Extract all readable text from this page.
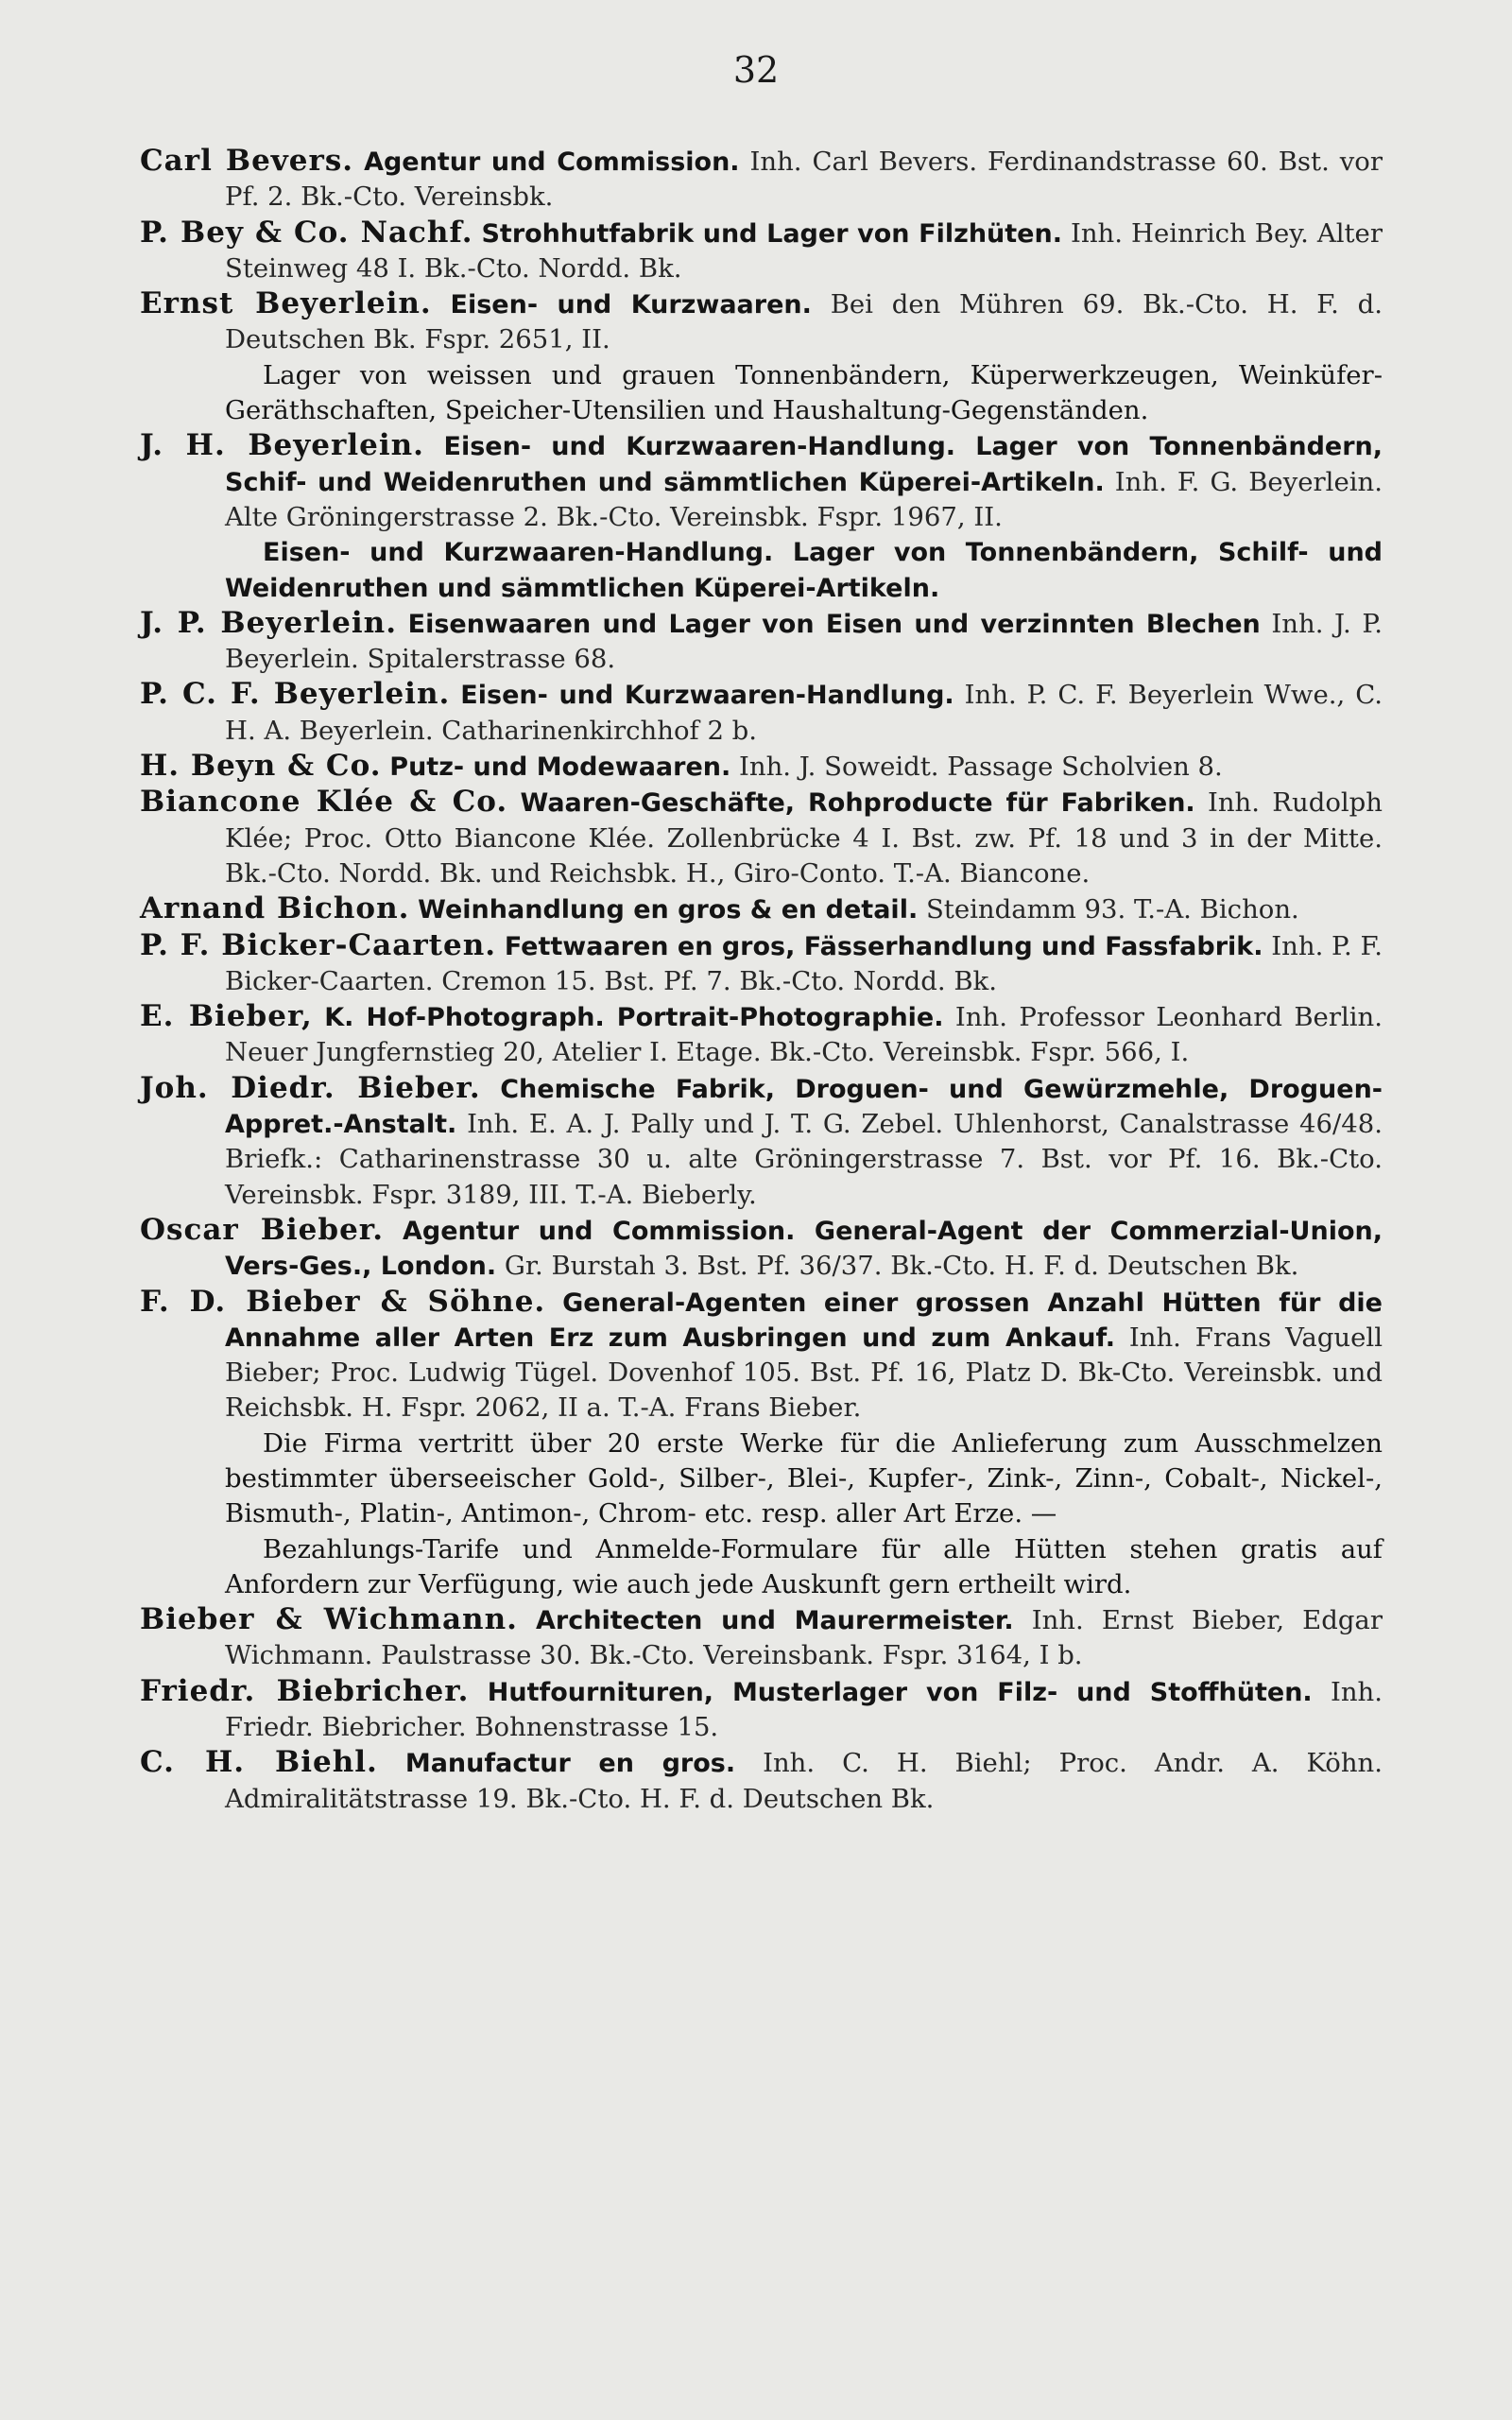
32

Carl Bevers. Agentur und Commission. Inh. Carl Bevers. Ferdinandstrasse 60. Bst. vor Pf. 2. Bk.-Cto. Vereinsbk.

P. Bey & Co. Nachf. Strohhutfabrik und Lager von Filzhüten. Inh. Heinrich Bey. Alter Steinweg 48 I. Bk.-Cto. Nordd. Bk.

Ernst Beyerlein. Eisen- und Kurzwaaren. Bei den Mühren 69. Bk.-Cto. H. F. d. Deutschen Bk. Fspr. 2651, II.

Lager von weissen und grauen Tonnenbändern, Küperwerkzeugen, Weinküfer-Geräthschaften, Speicher-Utensilien und Haushaltung-Gegenständen.

J. H. Beyerlein. Eisen- und Kurzwaaren-Handlung. Lager von Tonnenbändern, Schif- und Weidenruthen und sämmtlichen Küperei-Artikeln. Inh. F. G. Beyerlein. Alte Gröningerstrasse 2. Bk.-Cto. Vereinsbk. Fspr. 1967, II.

Eisen- und Kurzwaaren-Handlung. Lager von Tonnenbändern, Schilf- und Weidenruthen und sämmtlichen Küperei-Artikeln.

J. P. Beyerlein. Eisenwaaren und Lager von Eisen und verzinnten Blechen Inh. J. P. Beyerlein. Spitalerstrasse 68.

P. C. F. Beyerlein. Eisen- und Kurzwaaren-Handlung. Inh. P. C. F. Beyerlein Wwe., C. H. A. Beyerlein. Catharinenkirchhof 2 b.

H. Beyn & Co. Putz- und Modewaaren. Inh. J. Soweidt. Passage Scholvien 8.

Biancone Klée & Co. Waaren-Geschäfte, Rohproducte für Fabriken. Inh. Rudolph Klée; Proc. Otto Biancone Klée. Zollenbrücke 4 I. Bst. zw. Pf. 18 und 3 in der Mitte. Bk.-Cto. Nordd. Bk. und Reichsbk. H., Giro-Conto. T.-A. Biancone.

Arnand Bichon. Weinhandlung en gros & en detail. Steindamm 93. T.-A. Bichon.

P. F. Bicker-Caarten. Fettwaaren en gros, Fässerhandlung und Fassfabrik. Inh. P. F. Bicker-Caarten. Cremon 15. Bst. Pf. 7. Bk.-Cto. Nordd. Bk.

E. Bieber, K. Hof-Photograph. Portrait-Photographie. Inh. Professor Leonhard Berlin. Neuer Jungfernstieg 20, Atelier I. Etage. Bk.-Cto. Vereinsbk. Fspr. 566, I.

Joh. Diedr. Bieber. Chemische Fabrik, Droguen- und Gewürzmehle, Droguen-Appret.-Anstalt. Inh. E. A. J. Pally und J. T. G. Zebel. Uhlenhorst, Canalstrasse 46/48. Briefk.: Catharinenstrasse 30 u. alte Gröningerstrasse 7. Bst. vor Pf. 16. Bk.-Cto. Vereinsbk. Fspr. 3189, III. T.-A. Bieberly.

Oscar Bieber. Agentur und Commission. General-Agent der Commerzial-Union, Vers-Ges., London. Gr. Burstah 3. Bst. Pf. 36/37. Bk.-Cto. H. F. d. Deutschen Bk.

F. D. Bieber & Söhne. General-Agenten einer grossen Anzahl Hütten für die Annahme aller Arten Erz zum Ausbringen und zum Ankauf. Inh. Frans Vaguell Bieber; Proc. Ludwig Tügel. Dovenhof 105. Bst. Pf. 16, Platz D. Bk-Cto. Vereinsbk. und Reichsbk. H. Fspr. 2062, II a. T.-A. Frans Bieber.

Die Firma vertritt über 20 erste Werke für die Anlieferung zum Ausschmelzen bestimmter überseeischer Gold-, Silber-, Blei-, Kupfer-, Zink-, Zinn-, Cobalt-, Nickel-, Bismuth-, Platin-, Antimon-, Chrom- etc. resp. aller Art Erze. —

Bezahlungs-Tarife und Anmelde-Formulare für alle Hütten stehen gratis auf Anfordern zur Verfügung, wie auch jede Auskunft gern ertheilt wird.

Bieber & Wichmann. Architecten und Maurermeister. Inh. Ernst Bieber, Edgar Wichmann. Paulstrasse 30. Bk.-Cto. Vereinsbank. Fspr. 3164, I b.

Friedr. Biebricher. Hutfournituren, Musterlager von Filz- und Stoffhüten. Inh. Friedr. Biebricher. Bohnenstrasse 15.

C. H. Biehl. Manufactur en gros. Inh. C. H. Biehl; Proc. Andr. A. Köhn. Admiralitätstrasse 19. Bk.-Cto. H. F. d. Deutschen Bk.
